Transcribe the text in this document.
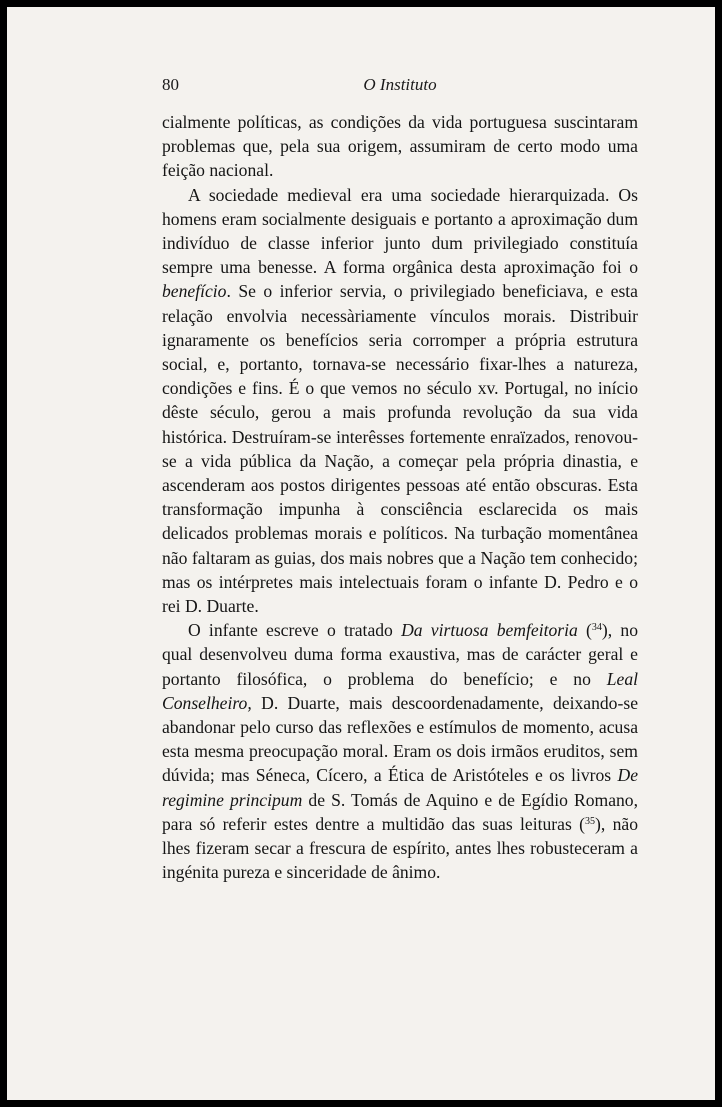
80	O Instituto

cialmente políticas, as condições da vida portuguesa suscintaram problemas que, pela sua origem, assumiram de certo modo uma feição nacional.

A sociedade medieval era uma sociedade hierarquizada. Os homens eram socialmente desiguais e portanto a aproximação dum indivíduo de classe inferior junto dum privilegiado constituía sempre uma benesse. A forma orgânica desta aproximação foi o benefício. Se o inferior servia, o privilegiado beneficiava, e esta relação envolvia necessàriamente vínculos morais. Distribuir ignaramente os benefícios seria corromper a própria estrutura social, e, portanto, tornava-se necessário fixar-lhes a natureza, condições e fins. É o que vemos no século xv. Portugal, no início dêste século, gerou a mais profunda revolução da sua vida histórica. Destruíram-se interêsses fortemente enraïzados, renovou-se a vida pública da Nação, a começar pela própria dinastia, e ascenderam aos postos dirigentes pessoas até então obscuras. Esta transformação impunha à consciência esclarecida os mais delicados problemas morais e políticos. Na turbação momentânea não faltaram as guias, dos mais nobres que a Nação tem conhecido; mas os intérpretes mais intelectuais foram o infante D. Pedro e o rei D. Duarte.

O infante escreve o tratado Da virtuosa bemfeitoria ($^{34}$), no qual desenvolveu duma forma exaustiva, mas de carácter geral e portanto filosófica, o problema do benefício; e no Leal Conselheiro, D. Duarte, mais descoordenadamente, deixando-se abandonar pelo curso das reflexões e estímulos de momento, acusa esta mesma preocupação moral. Eram os dois irmãos eruditos, sem dúvida; mas Séneca, Cícero, a Ética de Aristóteles e os livros De regimine principum de S. Tomás de Aquino e de Egídio Romano, para só referir estes dentre a multidão das suas leituras ($^{35}$), não lhes fizeram secar a frescura de espírito, antes lhes robusteceram a ingénita pureza e sinceridade de ânimo.
